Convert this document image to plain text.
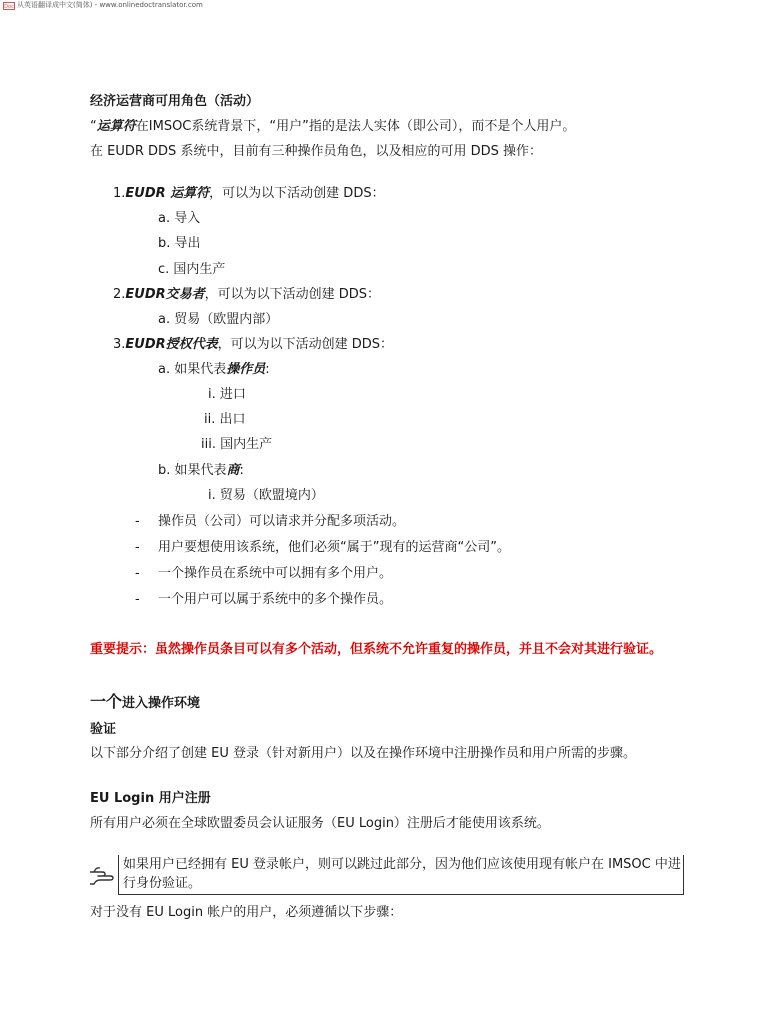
Doc 从英语翻译成中文(简体) - www.onlinedoctranslator.com
经济运营商可用角色（活动）
“运算符在IMSOC系统背景下，“用户”指的是法人实体（即公司），而不是个人用户。
在 EUDR DDS 系统中，目前有三种操作员角色，以及相应的可用 DDS 操作：
1.EUDR 运算符，可以为以下活动创建 DDS：
a. 导入
b. 导出
c. 国内生产
2.EUDR交易者，可以为以下活动创建 DDS：
a. 贸易（欧盟内部）
3.EUDR授权代表，可以为以下活动创建 DDS：
a. 如果代表操作员:
i. 进口
ii. 出口
iii. 国内生产
b. 如果代表商:
i. 贸易（欧盟境内）
- 操作员（公司）可以请求并分配多项活动。
- 用户要想使用该系统，他们必须“属于”现有的运营商“公司”。
- 一个操作员在系统中可以拥有多个用户。
- 一个用户可以属于系统中的多个操作员。
重要提示：虽然操作员条目可以有多个活动，但系统不允许重复的操作员，并且不会对其进行验证。
一个进入操作环境
验证
以下部分介绍了创建 EU 登录（针对新用户）以及在操作环境中注册操作员和用户所需的步骤。
EU Login 用户注册
所有用户必须在全球欧盟委员会认证服务（EU Login）注册后才能使用该系统。
如果用户已经拥有 EU 登录帐户，则可以跳过此部分，因为他们应该使用现有帐户在 IMSOC 中进
行身份验证。
对于没有 EU Login 帐户的用户，必须遵循以下步骤：
